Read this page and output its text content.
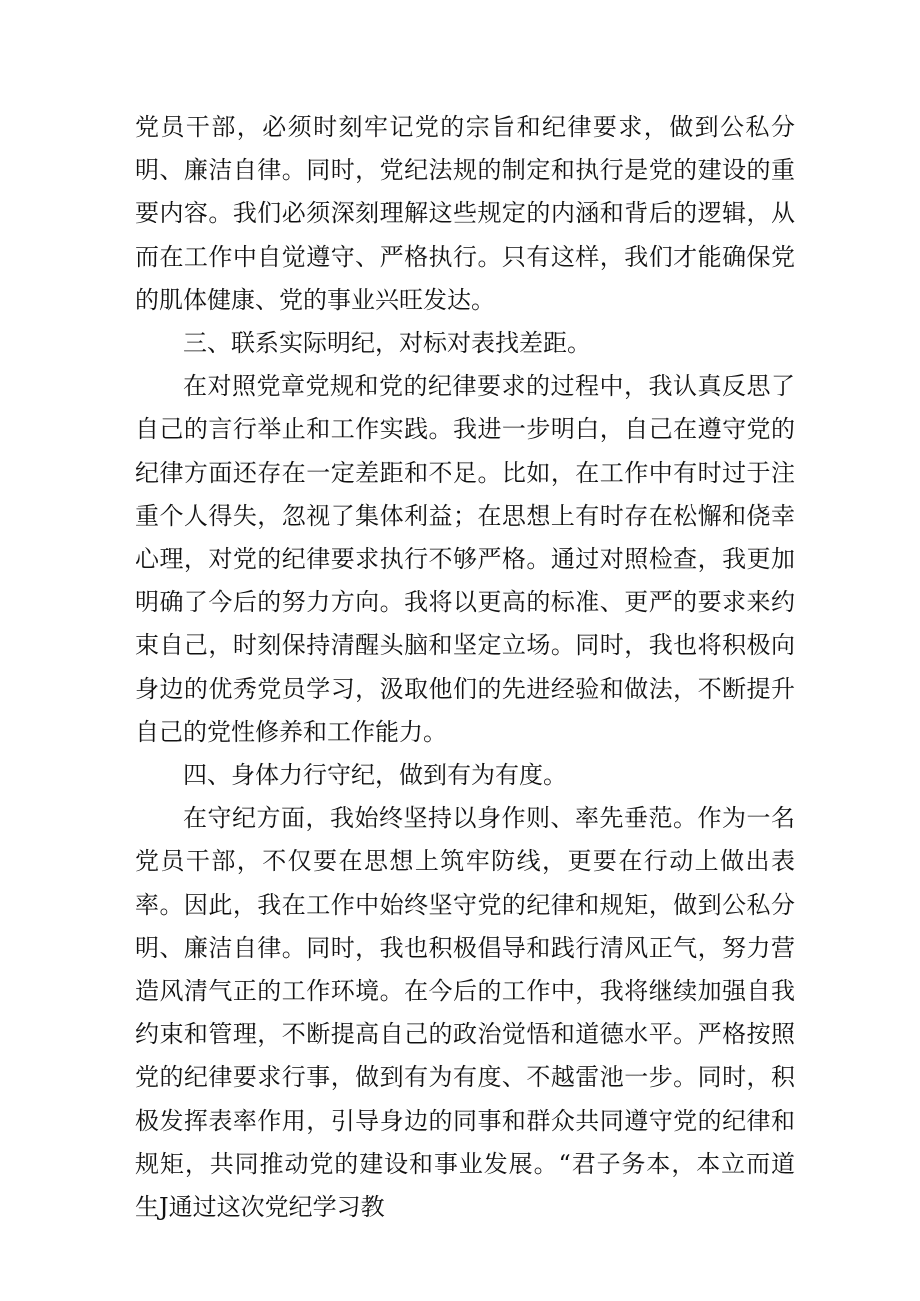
党员干部，必须时刻牢记党的宗旨和纪律要求，做到公私分明、廉洁自律。同时，党纪法规的制定和执行是党的建设的重要内容。我们必须深刻理解这些规定的内涵和背后的逻辑，从而在工作中自觉遵守、严格执行。只有这样，我们才能确保党的肌体健康、党的事业兴旺发达。

三、联系实际明纪，对标对表找差距。

在对照党章党规和党的纪律要求的过程中，我认真反思了自己的言行举止和工作实践。我进一步明白，自己在遵守党的纪律方面还存在一定差距和不足。比如，在工作中有时过于注重个人得失，忽视了集体利益；在思想上有时存在松懈和侥幸心理，对党的纪律要求执行不够严格。通过对照检查，我更加明确了今后的努力方向。我将以更高的标准、更严的要求来约束自己，时刻保持清醒头脑和坚定立场。同时，我也将积极向身边的优秀党员学习，汲取他们的先进经验和做法，不断提升自己的党性修养和工作能力。

四、身体力行守纪，做到有为有度。

在守纪方面，我始终坚持以身作则、率先垂范。作为一名党员干部，不仅要在思想上筑牢防线，更要在行动上做出表率。因此，我在工作中始终坚守党的纪律和规矩，做到公私分明、廉洁自律。同时，我也积极倡导和践行清风正气，努力营造风清气正的工作环境。在今后的工作中，我将继续加强自我约束和管理，不断提高自己的政治觉悟和道德水平。严格按照党的纪律要求行事，做到有为有度、不越雷池一步。同时，积极发挥表率作用，引导身边的同事和群众共同遵守党的纪律和规矩，共同推动党的建设和事业发展。“君子务本，本立而道生J通过这次党纪学习教
